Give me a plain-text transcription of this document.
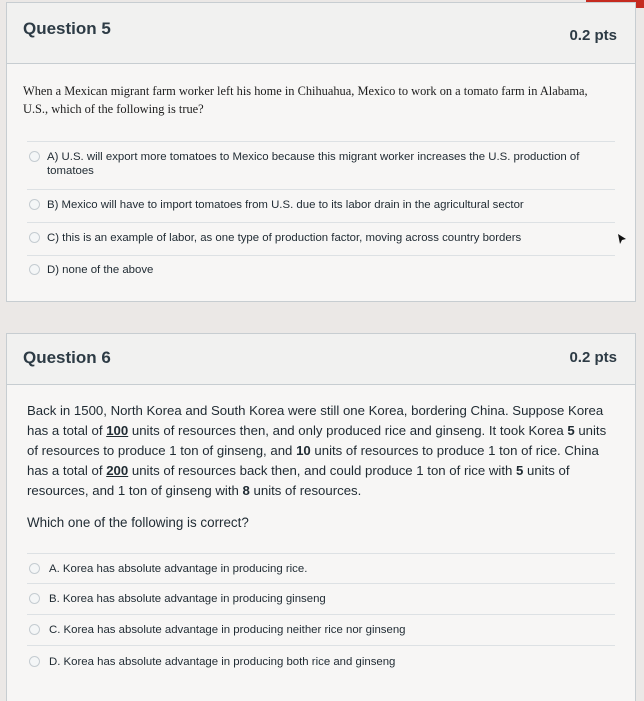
Question 5	0.2 pts
When a Mexican migrant farm worker left his home in Chihuahua, Mexico to work on a tomato farm in Alabama, U.S., which of the following is true?
A) U.S. will export more tomatoes to Mexico because this migrant worker increases the U.S. production of tomatoes
B) Mexico will have to import tomatoes from U.S. due to its labor drain in the agricultural sector
C) this is an example of labor, as one type of production factor, moving across country borders
D) none of the above
Question 6	0.2 pts
Back in 1500, North Korea and South Korea were still one Korea, bordering China. Suppose Korea has a total of 100 units of resources then, and only produced rice and ginseng. It took Korea 5 units of resources to produce 1 ton of ginseng, and 10 units of resources to produce 1 ton of rice. China has a total of 200 units of resources back then, and could produce 1 ton of rice with 5 units of resources, and 1 ton of ginseng with 8 units of resources.
Which one of the following is correct?
A. Korea has absolute advantage in producing rice.
B. Korea has absolute advantage in producing ginseng
C. Korea has absolute advantage in producing neither rice nor ginseng
D. Korea has absolute advantage in producing both rice and ginseng
